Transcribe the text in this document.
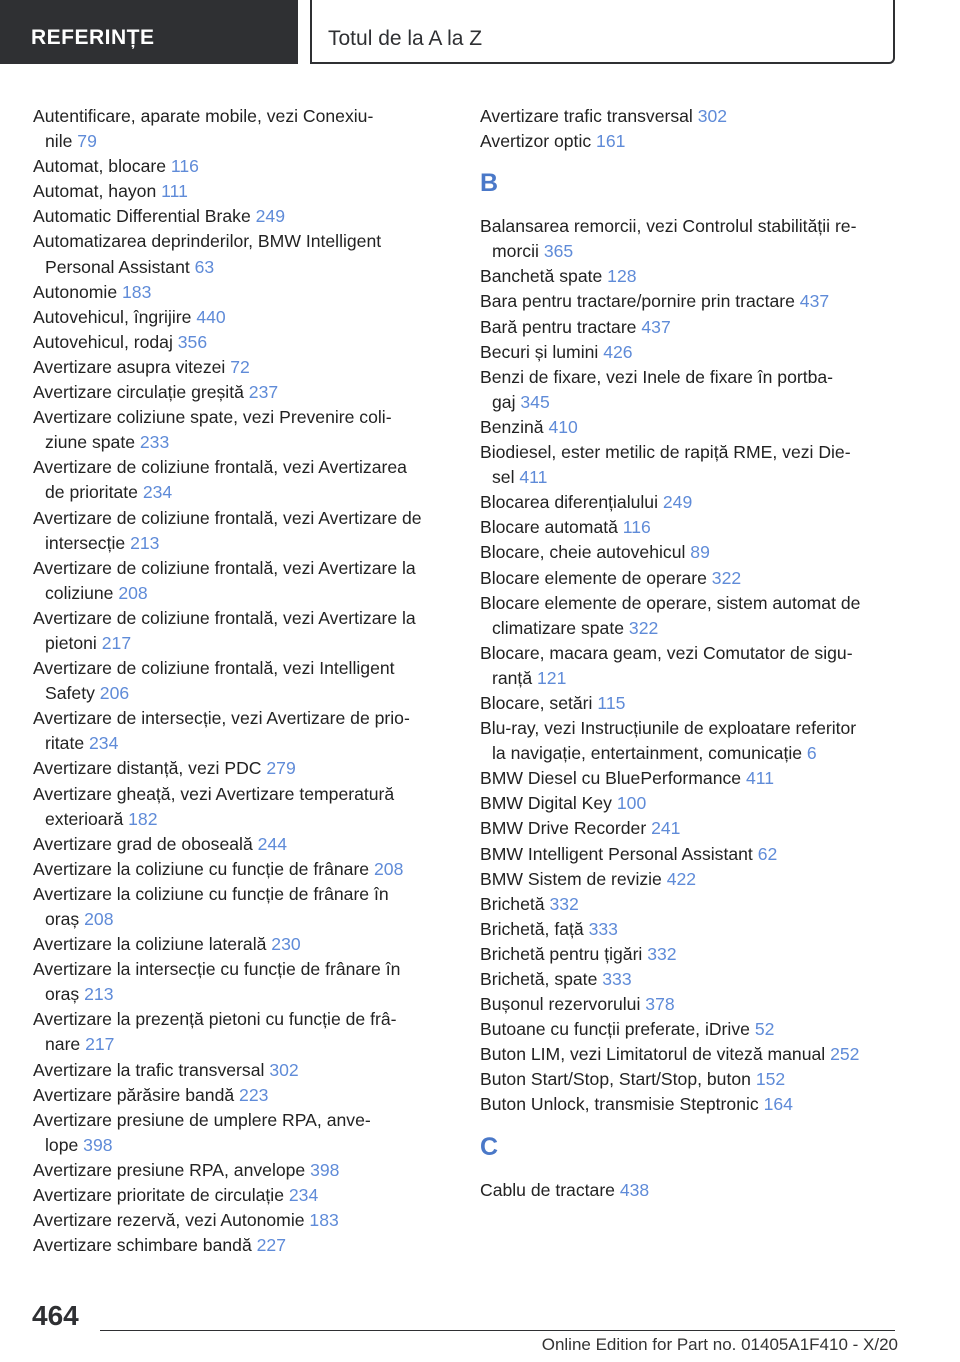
REFERINȚE	Totul de la A la Z
Autentificare, aparate mobile, vezi Conexiu-
nile 79
Automat, blocare 116
Automat, hayon 111
Automatic Differential Brake 249
Automatizarea deprinderilor, BMW Intelligent
Personal Assistant 63
Autonomie 183
Autovehicul, îngrijire 440
Autovehicul, rodaj 356
Avertizare asupra vitezei 72
Avertizare circulație greșită 237
Avertizare coliziune spate, vezi Prevenire coli-
ziune spate 233
Avertizare de coliziune frontală, vezi Avertizarea
de prioritate 234
Avertizare de coliziune frontală, vezi Avertizare de
intersecție 213
Avertizare de coliziune frontală, vezi Avertizare la
coliziune 208
Avertizare de coliziune frontală, vezi Avertizare la
pietoni 217
Avertizare de coliziune frontală, vezi Intelligent
Safety 206
Avertizare de intersecție, vezi Avertizare de prio-
ritate 234
Avertizare distanță, vezi PDC 279
Avertizare gheață, vezi Avertizare temperatură
exterioară 182
Avertizare grad de oboseală 244
Avertizare la coliziune cu funcție de frânare 208
Avertizare la coliziune cu funcție de frânare în
oraș 208
Avertizare la coliziune laterală 230
Avertizare la intersecție cu funcție de frânare în
oraș 213
Avertizare la prezență pietoni cu funcție de frâ-
nare 217
Avertizare la trafic transversal 302
Avertizare părăsire bandă 223
Avertizare presiune de umplere RPA, anve-
lope 398
Avertizare presiune RPA, anvelope 398
Avertizare prioritate de circulație 234
Avertizare rezervă, vezi Autonomie 183
Avertizare schimbare bandă 227
Avertizare trafic transversal 302
Avertizor optic 161
B
Balansarea remorcii, vezi Controlul stabilității re-
morcii 365
Banchetă spate 128
Bara pentru tractare/pornire prin tractare 437
Bară pentru tractare 437
Becuri și lumini 426
Benzi de fixare, vezi Inele de fixare în portba-
gaj 345
Benzină 410
Biodiesel, ester metilic de rapiță RME, vezi Die-
sel 411
Blocarea diferențialului 249
Blocare automată 116
Blocare, cheie autovehicul 89
Blocare elemente de operare 322
Blocare elemente de operare, sistem automat de
climatizare spate 322
Blocare, macara geam, vezi Comutator de sigu-
ranță 121
Blocare, setări 115
Blu-ray, vezi Instrucțiunile de exploatare referitor
la navigație, entertainment, comunicație 6
BMW Diesel cu BluePerformance 411
BMW Digital Key 100
BMW Drive Recorder 241
BMW Intelligent Personal Assistant 62
BMW Sistem de revizie 422
Brichetă 332
Brichetă, față 333
Brichetă pentru țigări 332
Brichetă, spate 333
Bușonul rezervorului 378
Butoane cu funcții preferate, iDrive 52
Buton LIM, vezi Limitatorul de viteză manual 252
Buton Start/Stop, Start/Stop, buton 152
Buton Unlock, transmisie Steptronic 164
C
Cablu de tractare 438
464
Online Edition for Part no. 01405A1F410 - X/20
